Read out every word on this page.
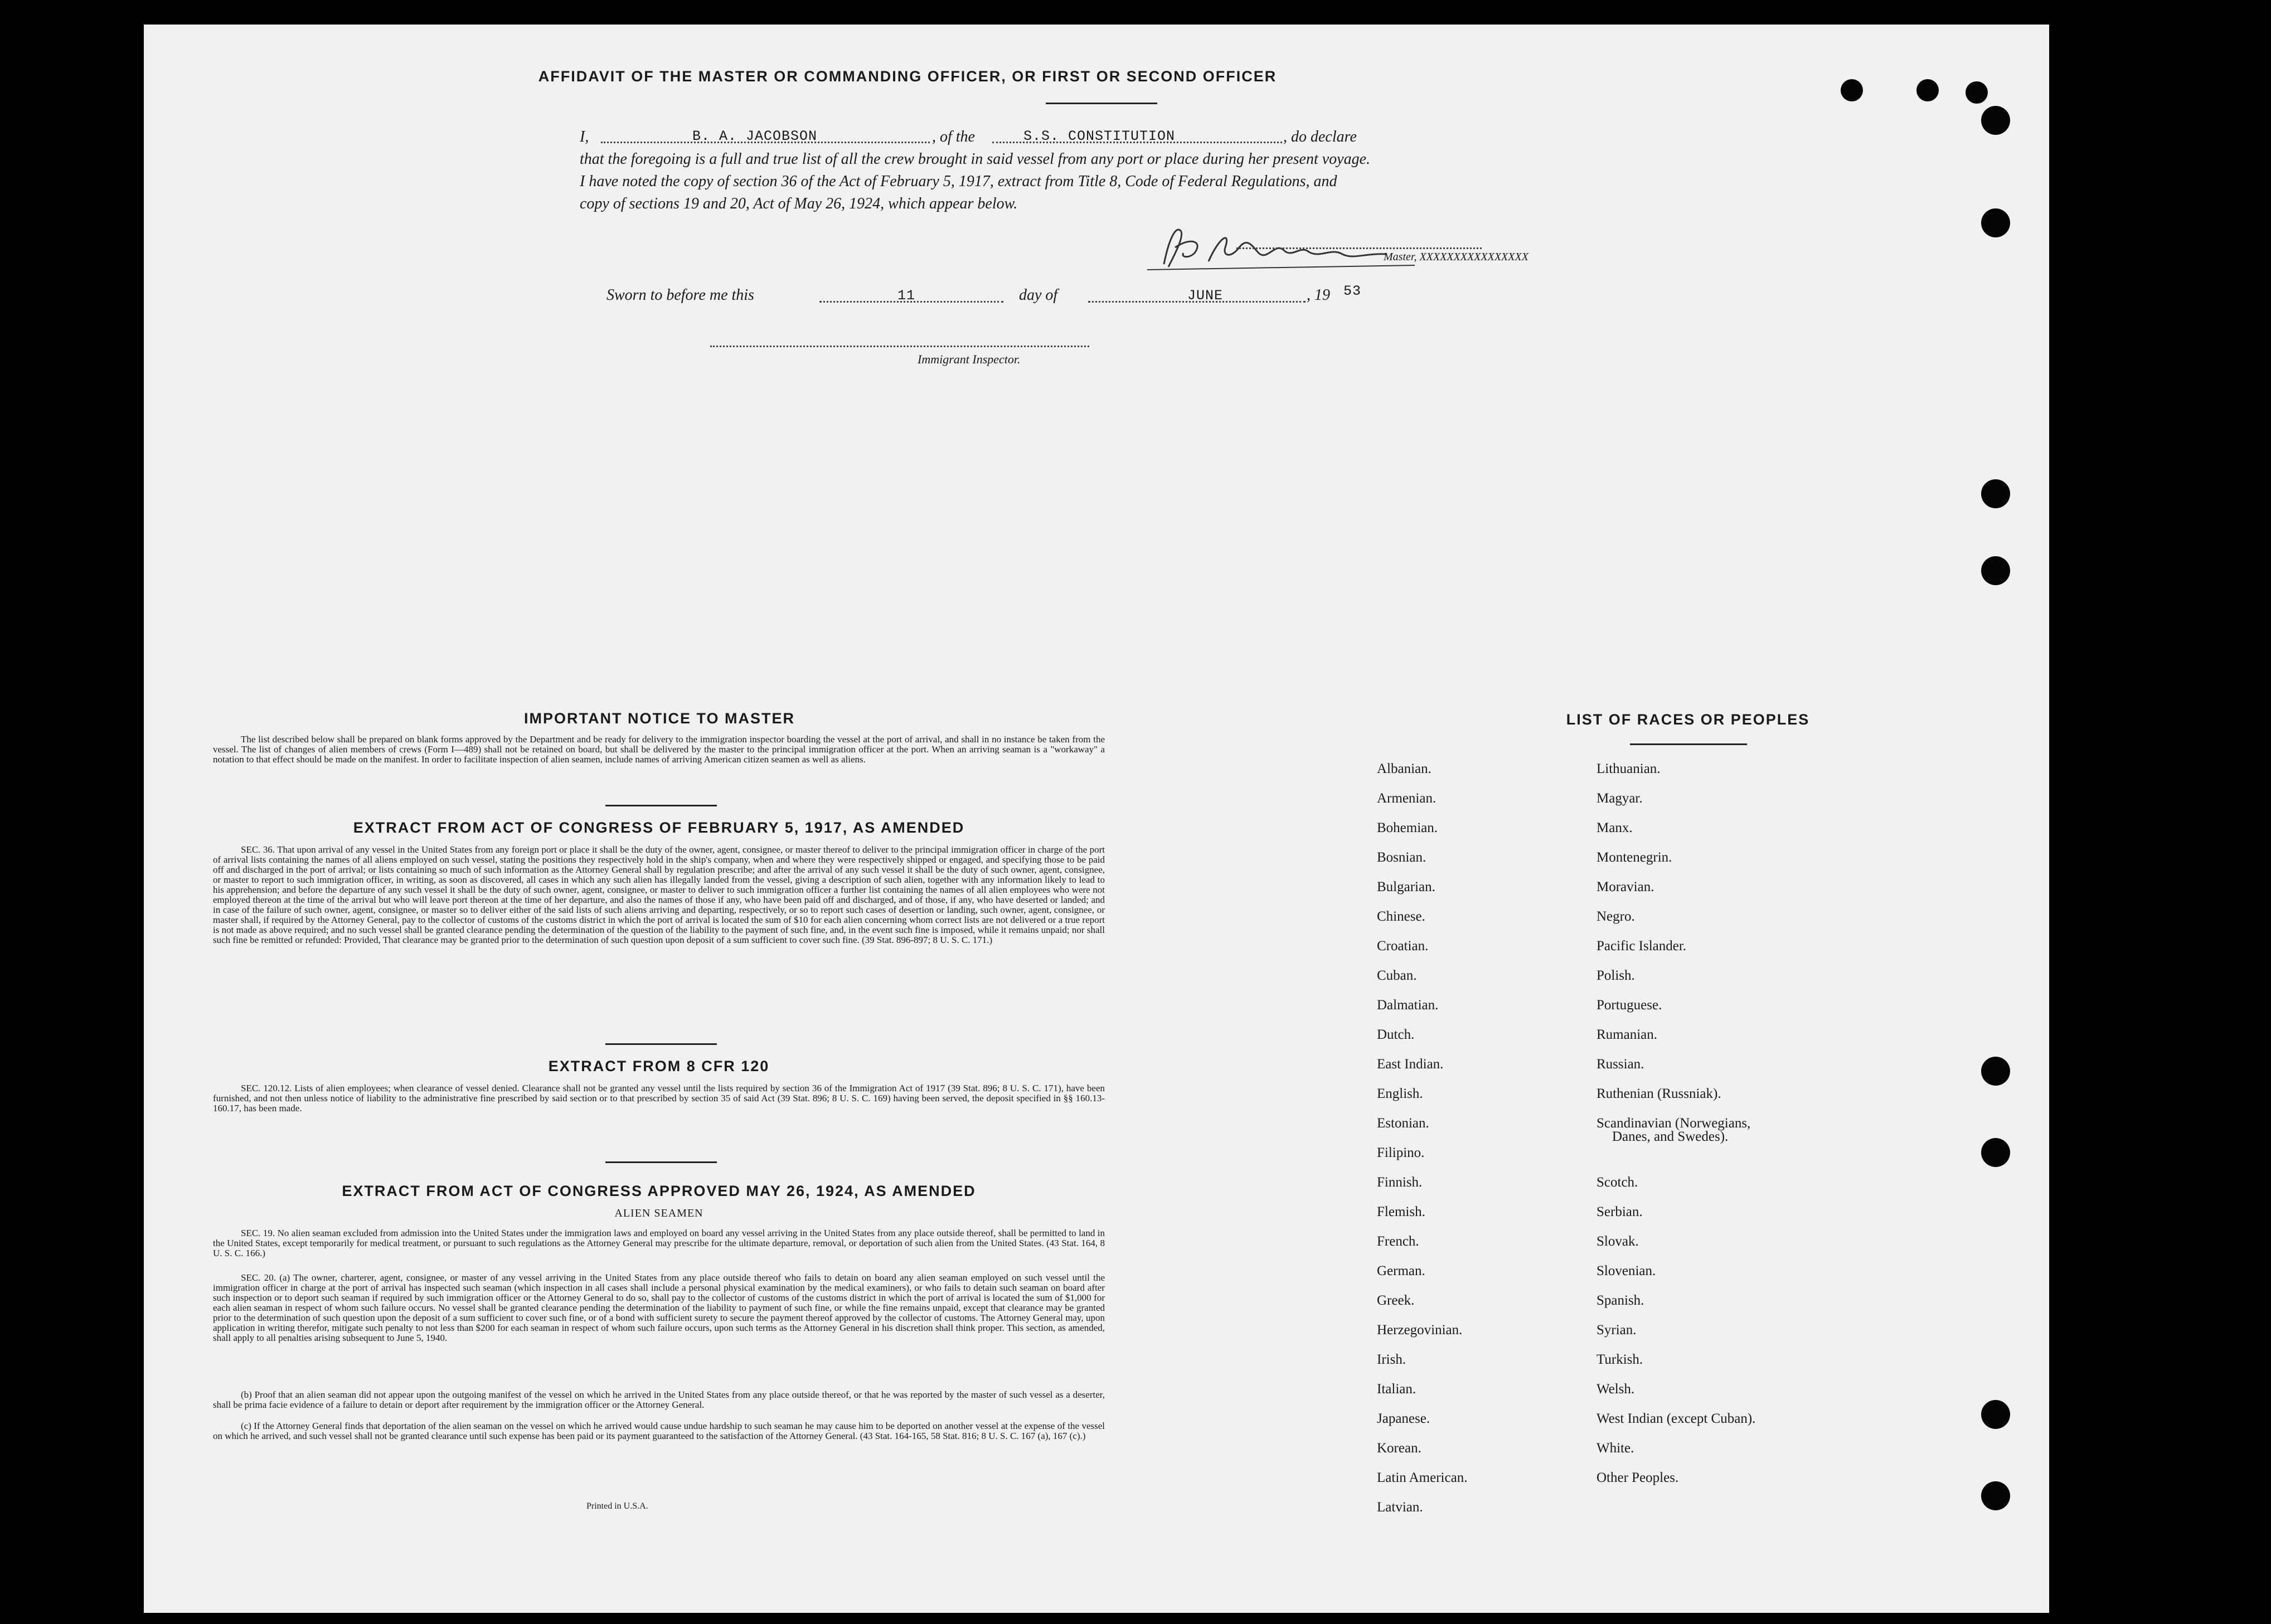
AFFIDAVIT OF THE MASTER OR COMMANDING OFFICER, OR FIRST OR SECOND OFFICER
I,	B. A. JACOBSON	, of the	S.S. CONSTITUTION	, do declare
that the foregoing is a full and true list of all the crew brought in said vessel from any port or place during her present voyage.
I have noted the copy of section 36 of the Act of February 5, 1917, extract from Title 8, Code of Federal Regulations, and
copy of sections 19 and 20, Act of May 26, 1924, which appear below.
Master, XXXXXXXXXXXXXXXX
Sworn to before me this	11	day of	JUNE	, 19 53
Immigrant Inspector.
IMPORTANT NOTICE TO MASTER
The list described below shall be prepared on blank forms approved by the Department and be ready for delivery to the immigration inspector boarding the vessel at the port of arrival, and shall in no instance be taken from the vessel. The list of changes of alien members of crews (Form I—489) shall not be retained on board, but shall be delivered by the master to the principal immigration officer at the port. When an arriving seaman is a "workaway" a notation to that effect should be made on the manifest. In order to facilitate inspection of alien seamen, include names of arriving American citizen seamen as well as aliens.
EXTRACT FROM ACT OF CONGRESS OF FEBRUARY 5, 1917, AS AMENDED
SEC. 36. That upon arrival of any vessel in the United States from any foreign port or place it shall be the duty of the owner, agent, consignee, or master thereof to deliver to the principal immigration officer in charge of the port of arrival lists containing the names of all aliens employed on such vessel, stating the positions they respectively hold in the ship's company, when and where they were respectively shipped or engaged, and specifying those to be paid off and discharged in the port of arrival; or lists containing so much of such information as the Attorney General shall by regulation prescribe; and after the arrival of any such vessel it shall be the duty of such owner, agent, consignee, or master to report to such immigration officer, in writing, as soon as discovered, all cases in which any such alien has illegally landed from the vessel, giving a description of such alien, together with any information likely to lead to his apprehension; and before the departure of any such vessel it shall be the duty of such owner, agent, consignee, or master to deliver to such immigration officer a further list containing the names of all alien employees who were not employed thereon at the time of the arrival but who will leave port thereon at the time of her departure, and also the names of those if any, who have been paid off and discharged, and of those, if any, who have deserted or landed; and in case of the failure of such owner, agent, consignee, or master so to deliver either of the said lists of such aliens arriving and departing, respectively, or so to report such cases of desertion or landing, such owner, agent, consignee, or master shall, if required by the Attorney General, pay to the collector of customs of the customs district in which the port of arrival is located the sum of $10 for each alien concerning whom correct lists are not delivered or a true report is not made as above required; and no such vessel shall be granted clearance pending the determination of the question of the liability to the payment of such fine, and, in the event such fine is imposed, while it remains unpaid; nor shall such fine be remitted or refunded: Provided, That clearance may be granted prior to the determination of such question upon deposit of a sum sufficient to cover such fine. (39 Stat. 896-897; 8 U. S. C. 171.)
EXTRACT FROM 8 CFR 120
SEC. 120.12. Lists of alien employees; when clearance of vessel denied. Clearance shall not be granted any vessel until the lists required by section 36 of the Immigration Act of 1917 (39 Stat. 896; 8 U. S. C. 171), have been furnished, and not then unless notice of liability to the administrative fine prescribed by said section or to that prescribed by section 35 of said Act (39 Stat. 896; 8 U. S. C. 169) having been served, the deposit specified in §§ 160.13-160.17, has been made.
EXTRACT FROM ACT OF CONGRESS APPROVED MAY 26, 1924, AS AMENDED
ALIEN SEAMEN
SEC. 19. No alien seaman excluded from admission into the United States under the immigration laws and employed on board any vessel arriving in the United States from any place outside thereof, shall be permitted to land in the United States, except temporarily for medical treatment, or pursuant to such regulations as the Attorney General may prescribe for the ultimate departure, removal, or deportation of such alien from the United States. (43 Stat. 164, 8 U. S. C. 166.)
SEC. 20. (a) The owner, charterer, agent, consignee, or master of any vessel arriving in the United States from any place outside thereof who fails to detain on board any alien seaman employed on such vessel until the immigration officer in charge at the port of arrival has inspected such seaman (which inspection in all cases shall include a personal physical examination by the medical examiners), or who fails to detain such seaman on board after such inspection or to deport such seaman if required by such immigration officer or the Attorney General to do so, shall pay to the collector of customs of the customs district in which the port of arrival is located the sum of $1,000 for each alien seaman in respect of whom such failure occurs. No vessel shall be granted clearance pending the determination of the liability to payment of such fine, or while the fine remains unpaid, except that clearance may be granted prior to the determination of such question upon the deposit of a sum sufficient to cover such fine, or of a bond with sufficient surety to secure the payment thereof approved by the collector of customs. The Attorney General may, upon application in writing therefor, mitigate such penalty to not less than $200 for each seaman in respect of whom such failure occurs, upon such terms as the Attorney General in his discretion shall think proper. This section, as amended, shall apply to all penalties arising subsequent to June 5, 1940.
(b) Proof that an alien seaman did not appear upon the outgoing manifest of the vessel on which he arrived in the United States from any place outside thereof, or that he was reported by the master of such vessel as a deserter, shall be prima facie evidence of a failure to detain or deport after requirement by the immigration officer or the Attorney General.
(c) If the Attorney General finds that deportation of the alien seaman on the vessel on which he arrived would cause undue hardship to such seaman he may cause him to be deported on another vessel at the expense of the vessel on which he arrived, and such vessel shall not be granted clearance until such expense has been paid or its payment guaranteed to the satisfaction of the Attorney General. (43 Stat. 164-165, 58 Stat. 816; 8 U. S. C. 167 (a), 167 (c).)
Printed in U.S.A.
LIST OF RACES OR PEOPLES
Albanian.
Armenian.
Bohemian.
Bosnian.
Bulgarian.
Chinese.
Croatian.
Cuban.
Dalmatian.
Dutch.
East Indian.
English.
Estonian.
Filipino.
Finnish.
Flemish.
French.
German.
Greek.
Herzegovinian.
Irish.
Italian.
Japanese.
Korean.
Latin American.
Latvian.
Lithuanian.
Magyar.
Manx.
Montenegrin.
Moravian.
Negro.
Pacific Islander.
Polish.
Portuguese.
Rumanian.
Russian.
Ruthenian (Russniak).
Scandinavian (Norwegians,
Danes, and Swedes).
Scotch.
Serbian.
Slovak.
Slovenian.
Spanish.
Syrian.
Turkish.
Welsh.
West Indian (except Cuban).
White.
Other Peoples.
